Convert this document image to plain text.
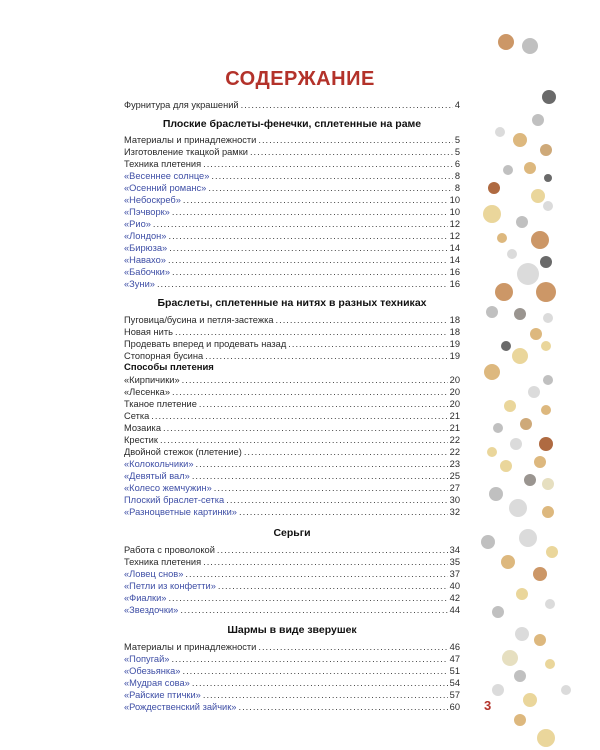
СОДЕРЖАНИЕ
Фурнитура для украшений .....	4
Плоские браслеты-фенечки, сплетенные на раме
Материалы и принадлежности .....	5
Изготовление ткацкой рамки .....	5
Техника плетения .....	6
«Весеннее солнце» .....	8
«Осенний романс» .....	8
«Небоскреб» .....	10
«Пэчворк» .....	10
«Рио» .....	12
«Лондон» .....	12
«Бирюза» .....	14
«Навахо» .....	14
«Бабочки» .....	16
«Зуни» .....	16
Браслеты, сплетенные на нитях в разных техниках
Пуговица/бусина и петля-застежка .....	18
Новая нить .....	18
Продевать вперед и продевать назад .....	19
Стопорная бусина .....	19
Способы плетения
«Кирпичики» .....	20
«Лесенка» .....	20
Тканое плетение .....	20
Сетка .....	21
Мозаика .....	21
Крестик .....	22
Двойной стежок (плетение) .....	22
«Колокольчики» .....	23
«Девятый вал» .....	25
«Колесо жемчужин» .....	27
Плоский браслет-сетка .....	30
«Разноцветные картинки» .....	32
Серьги
Работа с проволокой .....	34
Техника плетения .....	35
«Ловец снов» .....	37
«Петли из конфетти» .....	40
«Фиалки» .....	42
«Звездочки» .....	44
Шармы в виде зверушек
Материалы и принадлежности .....	46
«Попугай» .....	47
«Обезьянка» .....	51
«Мудрая сова» .....	54
«Райские птички» .....	57
«Рождественский зайчик» .....	60 3
